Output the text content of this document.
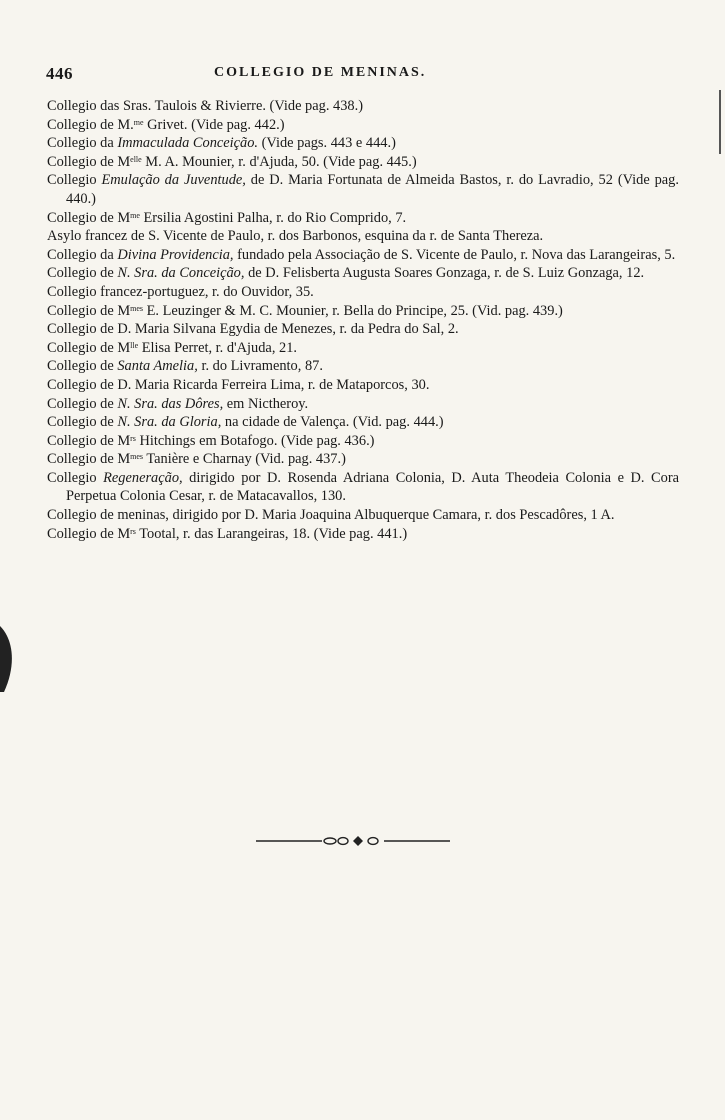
446	COLLEGIO DE MENINAS.
Collegio das Sras. Taulois & Rivierre. (Vide pag. 438.)
Collegio de M.$^{me}$ Grivet. (Vide pag. 442.)
Collegio da Immaculada Conceição. (Vide pags. 443 e 444.)
Collegio de $M^{elle}$ M. A. Mounier, r. d'Ajuda, 50. (Vide pag. 445.)
Collegio Emulação da Juventude, de D. Maria Fortunata de Almeida Bastos, r. do Lavradio, 52 (Vide pag. 440.)
Collegio de $M^{me}$ Ersilia Agostini Palha, r. do Rio Comprido, 7.
Asylo francez de S. Vicente de Paulo, r. dos Barbonos, esquina da r. de Santa Thereza.
Collegio da Divina Providencia, fundado pela Associação de S. Vicente de Paulo, r. Nova das Larangeiras, 5.
Collegio de N. Sra. da Conceição, de D. Felisberta Augusta Soares Gonzaga, r. de S. Luiz Gonzaga, 12.
Collegio francez-portuguez, r. do Ouvidor, 35.
Collegio de $M^{mes}$ E. Leuzinger & M. C. Mounier, r. Bella do Principe, 25. (Vid. pag. 439.)
Collegio de D. Maria Silvana Egydia de Menezes, r. da Pedra do Sal, 2.
Collegio de $M^{lle}$ Elisa Perret, r. d'Ajuda, 21.
Collegio de Santa Amelia, r. do Livramento, 87.
Collegio de D. Maria Ricarda Ferreira Lima, r. de Mataporcos, 30.
Collegio de N. Sra. das Dôres, em Nictheroy.
Collegio de N. Sra. da Gloria, na cidade de Valença. (Vid. pag. 444.)
Collegio de $M^{rs}$ Hitchings em Botafogo. (Vide pag. 436.)
Collegio de $M^{mes}$ Tanière e Charnay (Vid. pag. 437.)
Collegio Regeneração, dirigido por D. Rosenda Adriana Colonia, D. Auta Theodeia Colonia e D. Cora Perpetua Colonia Cesar, r. de Matacavallos, 130.
Collegio de meninas, dirigido por D. Maria Joaquina Albuquerque Camara, r. dos Pescadôres, 1 A.
Collegio de $M^{rs}$ Tootal, r. das Larangeiras, 18. (Vide pag. 441.)
